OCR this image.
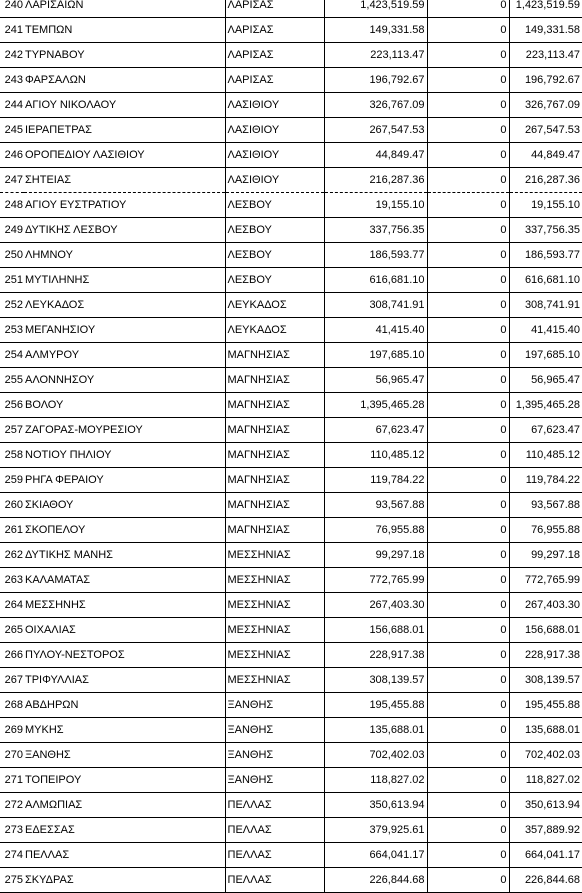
240	ΛΑΡΙΣΑΙΩΝ	ΛΑΡΙΣΑΣ	1,423,519.59	0	1,423,519.59
241	ΤΕΜΠΩΝ	ΛΑΡΙΣΑΣ	149,331.58	0	149,331.58
242	ΤΥΡΝΑΒΟΥ	ΛΑΡΙΣΑΣ	223,113.47	0	223,113.47
243	ΦΑΡΣΑΛΩΝ	ΛΑΡΙΣΑΣ	196,792.67	0	196,792.67
244	ΑΓΙΟΥ ΝΙΚΟΛΑΟΥ	ΛΑΣΙΘΙΟΥ	326,767.09	0	326,767.09
245	ΙΕΡΑΠΕΤΡΑΣ	ΛΑΣΙΘΙΟΥ	267,547.53	0	267,547.53
246	ΟΡΟΠΕΔΙΟΥ ΛΑΣΙΘΙΟΥ	ΛΑΣΙΘΙΟΥ	44,849.47	0	44,849.47
247	ΣΗΤΕΙΑΣ	ΛΑΣΙΘΙΟΥ	216,287.36	0	216,287.36
248	ΑΓΙΟΥ ΕΥΣΤΡΑΤΙΟΥ	ΛΕΣΒΟΥ	19,155.10	0	19,155.10
249	ΔΥΤΙΚΗΣ ΛΕΣΒΟΥ	ΛΕΣΒΟΥ	337,756.35	0	337,756.35
250	ΛΗΜΝΟΥ	ΛΕΣΒΟΥ	186,593.77	0	186,593.77
251	ΜΥΤΙΛΗΝΗΣ	ΛΕΣΒΟΥ	616,681.10	0	616,681.10
252	ΛΕΥΚΑΔΟΣ	ΛΕΥΚΑΔΟΣ	308,741.91	0	308,741.91
253	ΜΕΓΑΝΗΣΙΟΥ	ΛΕΥΚΑΔΟΣ	41,415.40	0	41,415.40
254	ΑΛΜΥΡΟΥ	ΜΑΓΝΗΣΙΑΣ	197,685.10	0	197,685.10
255	ΑΛΟΝΝΗΣΟΥ	ΜΑΓΝΗΣΙΑΣ	56,965.47	0	56,965.47
256	ΒΟΛΟΥ	ΜΑΓΝΗΣΙΑΣ	1,395,465.28	0	1,395,465.28
257	ΖΑΓΟΡΑΣ-ΜΟΥΡΕΣΙΟΥ	ΜΑΓΝΗΣΙΑΣ	67,623.47	0	67,623.47
258	ΝΟΤΙΟΥ ΠΗΛΙΟΥ	ΜΑΓΝΗΣΙΑΣ	110,485.12	0	110,485.12
259	ΡΗΓΑ ΦΕΡΑΙΟΥ	ΜΑΓΝΗΣΙΑΣ	119,784.22	0	119,784.22
260	ΣΚΙΑΘΟΥ	ΜΑΓΝΗΣΙΑΣ	93,567.88	0	93,567.88
261	ΣΚΟΠΕΛΟΥ	ΜΑΓΝΗΣΙΑΣ	76,955.88	0	76,955.88
262	ΔΥΤΙΚΗΣ ΜΑΝΗΣ	ΜΕΣΣΗΝΙΑΣ	99,297.18	0	99,297.18
263	ΚΑΛΑΜΑΤΑΣ	ΜΕΣΣΗΝΙΑΣ	772,765.99	0	772,765.99
264	ΜΕΣΣΗΝΗΣ	ΜΕΣΣΗΝΙΑΣ	267,403.30	0	267,403.30
265	ΟΙΧΑΛΙΑΣ	ΜΕΣΣΗΝΙΑΣ	156,688.01	0	156,688.01
266	ΠΥΛΟΥ-ΝΕΣΤΟΡΟΣ	ΜΕΣΣΗΝΙΑΣ	228,917.38	0	228,917.38
267	ΤΡΙΦΥΛΛΙΑΣ	ΜΕΣΣΗΝΙΑΣ	308,139.57	0	308,139.57
268	ΑΒΔΗΡΩΝ	ΞΑΝΘΗΣ	195,455.88	0	195,455.88
269	ΜΥΚΗΣ	ΞΑΝΘΗΣ	135,688.01	0	135,688.01
270	ΞΑΝΘΗΣ	ΞΑΝΘΗΣ	702,402.03	0	702,402.03
271	ΤΟΠΕΙΡΟΥ	ΞΑΝΘΗΣ	118,827.02	0	118,827.02
272	ΑΛΜΩΠΙΑΣ	ΠΕΛΛΑΣ	350,613.94	0	350,613.94
273	ΕΔΕΣΣΑΣ	ΠΕΛΛΑΣ	379,925.61	0	357,889.92
274	ΠΕΛΛΑΣ	ΠΕΛΛΑΣ	664,041.17	0	664,041.17
275	ΣΚΥΔΡΑΣ	ΠΕΛΛΑΣ	226,844.68	0	226,844.68
